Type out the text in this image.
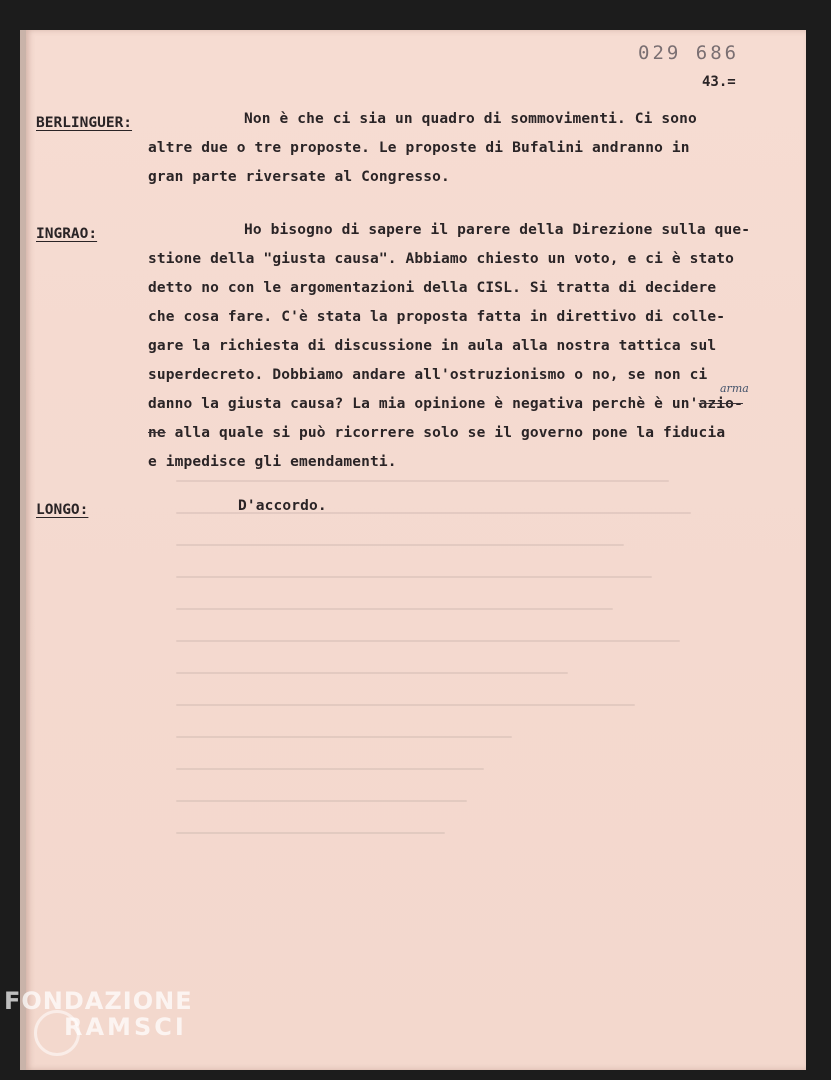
029 686
43.=
BERLINGUER:	Non è che ci sia un quadro di sommovimenti. Ci sono
altre due o tre proposte. Le proposte di Bufalini andranno in
gran parte riversate al Congresso.
INGRAO:	Ho bisogno di sapere il parere della Direzione sulla que-
stione della "giusta causa". Abbiamo chiesto un voto, e ci è stato
detto no con le argomentazioni della CISL. Si tratta di decidere
che cosa fare. C'è stata la proposta fatta in direttivo di colle-
gare la richiesta di discussione in aula alla nostra tattica sul
superdecreto. Dobbiamo andare all'ostruzionismo o no, se non ci
danno la giusta causa? La mia opinione è negativa perchè è un'azio-
ne alla quale si può ricorrere solo se il governo pone la fiducia
e impedisce gli emendamenti.
arma
LONGO:	D'accordo.
FONDAZIONE
RAMSCI
